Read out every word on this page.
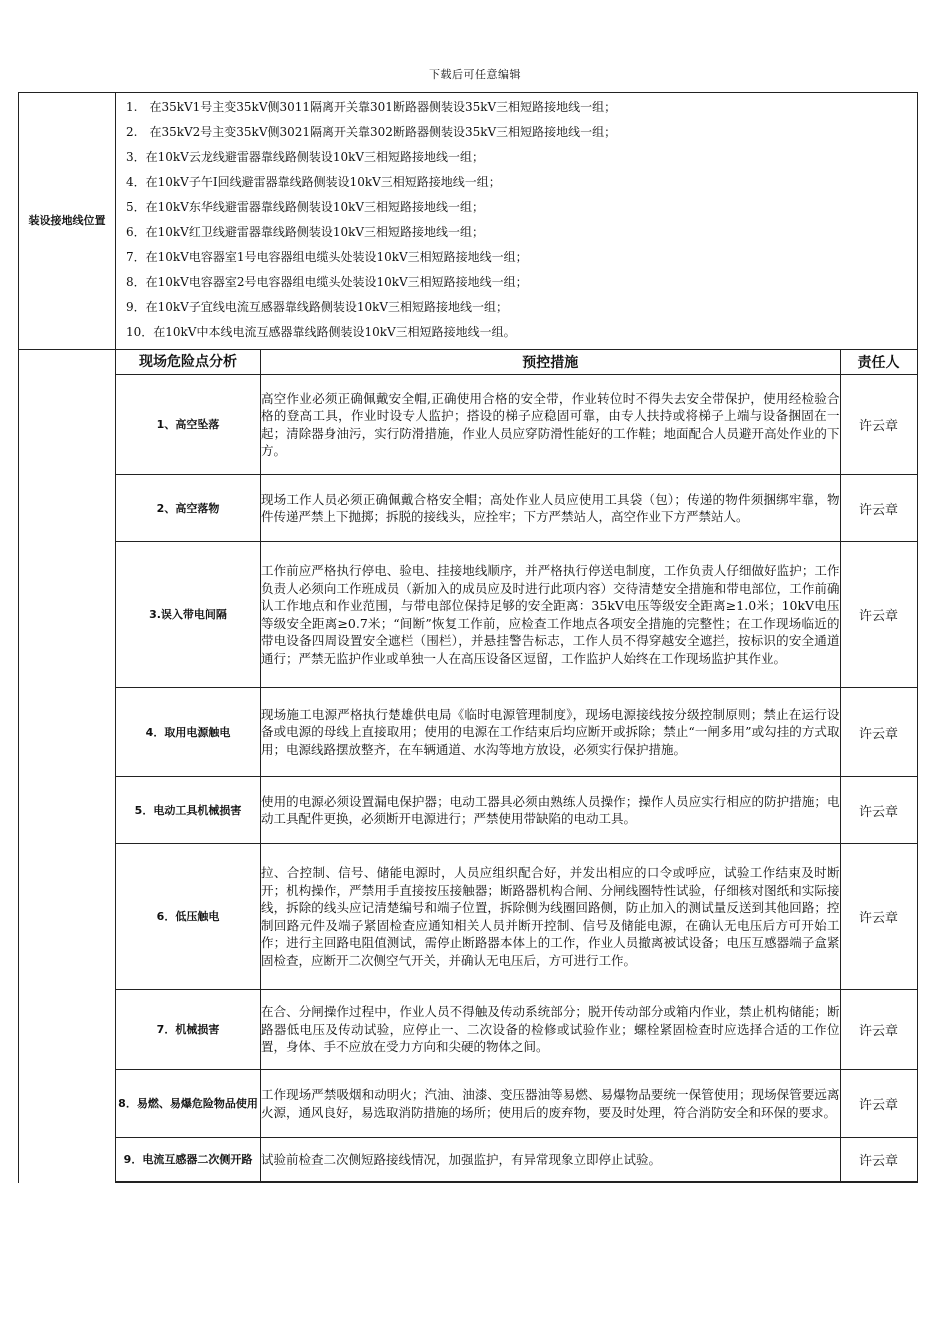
下载后可任意编辑
装设接地线位置	
1.　在35kV1号主变35kV侧3011隔离开关靠301断路器侧装设35kV三相短路接地线一组；
2.　在35kV2号主变35kV侧3021隔离开关靠302断路器侧装设35kV三相短路接地线一组；
3．在10kV云龙线避雷器靠线路侧装设10kV三相短路接地线一组；
4．在10kV子午Ⅰ回线避雷器靠线路侧装设10kV三相短路接地线一组；
5．在10kV东华线避雷器靠线路侧装设10kV三相短路接地线一组；
6．在10kV红卫线避雷器靠线路侧装设10kV三相短路接地线一组；
7．在10kV电容器室1号电容器组电缆头处装设10kV三相短路接地线一组；
8．在10kV电容器室2号电容器组电缆头处装设10kV三相短路接地线一组；
9．在10kV子宜线电流互感器靠线路侧装设10kV三相短路接地线一组；
10．在10kV中本线电流互感器靠线路侧装设10kV三相短路接地线一组。

现场危险点分析	预控措施	责任人
1、高空坠落	高空作业必须正确佩戴安全帽,正确使用合格的安全带，作业转位时不得失去安全带保护，使用经检验合格的登高工具，作业时设专人监护；搭设的梯子应稳固可靠，由专人扶持或将梯子上端与设备捆固在一起；清除器身油污，实行防滑措施，作业人员应穿防滑性能好的工作鞋；地面配合人员避开高处作业的下方。	许云章
2、高空落物	现场工作人员必须正确佩戴合格安全帽；高处作业人员应使用工具袋（包）；传递的物件须捆绑牢靠，物件传递严禁上下抛掷；拆脱的接线头，应拴牢；下方严禁站人，高空作业下方严禁站人。	许云章
3.误入带电间隔	工作前应严格执行停电、验电、挂接地线顺序，并严格执行停送电制度，工作负责人仔细做好监护；工作负责人必须向工作班成员（新加入的成员应及时进行此项内容）交待清楚安全措施和带电部位，工作前确认工作地点和作业范围，与带电部位保持足够的安全距离：35kV电压等级安全距离≥1.0米；10kV电压等级安全距离≥0.7米；“间断”恢复工作前，应检查工作地点各项安全措施的完整性；在工作现场临近的带电设备四周设置安全遮栏（围栏），并悬挂警告标志，工作人员不得穿越安全遮拦，按标识的安全通道通行；严禁无监护作业或单独一人在高压设备区逗留，工作监护人始终在工作现场监护其作业。	许云章
4．取用电源触电	现场施工电源严格执行楚雄供电局《临时电源管理制度》，现场电源接线按分级控制原则；禁止在运行设备或电源的母线上直接取用；使用的电源在工作结束后均应断开或拆除；禁止“一闸多用”或勾挂的方式取用；电源线路摆放整齐，在车辆通道、水沟等地方放设，必须实行保护措施。	许云章
5．电动工具机械损害	使用的电源必须设置漏电保护器；电动工器具必须由熟练人员操作；操作人员应实行相应的防护措施；电动工具配件更换，必须断开电源进行；严禁使用带缺陷的电动工具。	许云章
6．低压触电	拉、合控制、信号、储能电源时，人员应组织配合好，并发出相应的口令或呼应，试验工作结束及时断开；机构操作，严禁用手直接按压接触器；断路器机构合闸、分闸线圈特性试验，仔细核对图纸和实际接线，拆除的线头应记清楚编号和端子位置，拆除侧为线圈回路侧，防止加入的测试量反送到其他回路；控制回路元件及端子紧固检查应通知相关人员并断开控制、信号及储能电源，在确认无电压后方可开始工作；进行主回路电阻值测试，需停止断路器本体上的工作，作业人员撤离被试设备；电压互感器端子盒紧固检查，应断开二次侧空气开关，并确认无电压后，方可进行工作。	许云章
7．机械损害	在合、分闸操作过程中，作业人员不得触及传动系统部分；脱开传动部分或箱内作业，禁止机构储能；断路器低电压及传动试验，应停止一、二次设备的检修或试验作业；螺栓紧固检查时应选择合适的工作位置，身体、手不应放在受力方向和尖硬的物体之间。	许云章
8．易燃、易爆危险物品使用	工作现场严禁吸烟和动明火；汽油、油漆、变压器油等易燃、易爆物品要统一保管使用；现场保管要远离火源，通风良好，易选取消防措施的场所；使用后的废弃物，要及时处理，符合消防安全和环保的要求。	许云章
9．电流互感器二次侧开路	试验前检查二次侧短路接线情况，加强监护，有异常现象立即停止试验。	许云章
